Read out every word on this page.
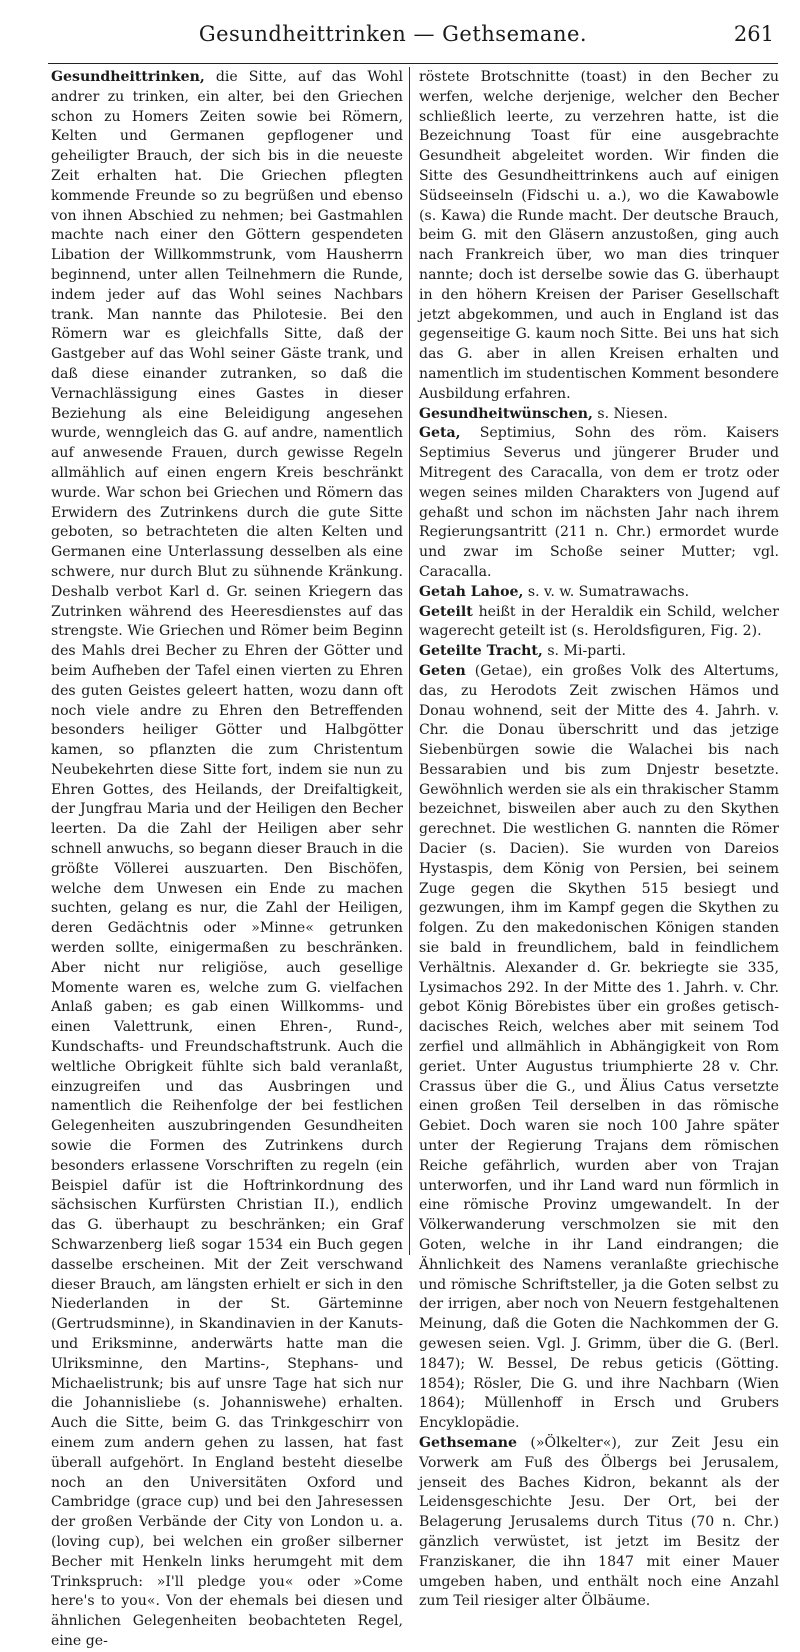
Gesundheittrinken — Gethsemane.	261

Gesundheittrinken, die Sitte, auf das Wohl andrer zu trinken, ein alter, bei den Griechen schon zu Homers Zeiten sowie bei Römern, Kelten und Germanen gepflogener und geheiligter Brauch, der sich bis in die neueste Zeit erhalten hat. Die Griechen pflegten kommende Freunde so zu begrüßen und ebenso von ihnen Abschied zu nehmen; bei Gastmahlen machte nach einer den Göttern gespendeten Libation der Willkommstrunk, vom Hausherrn beginnend, unter allen Teilnehmern die Runde, indem jeder auf das Wohl seines Nachbars trank. Man nannte das Philotesie. Bei den Römern war es gleichfalls Sitte, daß der Gastgeber auf das Wohl seiner Gäste trank, und daß diese einander zutranken, so daß die Vernachlässigung eines Gastes in dieser Beziehung als eine Beleidigung angesehen wurde, wenngleich das G. auf andre, namentlich auf anwesende Frauen, durch gewisse Regeln allmählich auf einen engern Kreis beschränkt wurde. War schon bei Griechen und Römern das Erwidern des Zutrinkens durch die gute Sitte geboten, so betrachteten die alten Kelten und Germanen eine Unterlassung desselben als eine schwere, nur durch Blut zu sühnende Kränkung. Deshalb verbot Karl d. Gr. seinen Kriegern das Zutrinken während des Heeresdienstes auf das strengste. Wie Griechen und Römer beim Beginn des Mahls drei Becher zu Ehren der Götter und beim Aufheben der Tafel einen vierten zu Ehren des guten Geistes geleert hatten, wozu dann oft noch viele andre zu Ehren den Betreffenden besonders heiliger Götter und Halbgötter kamen, so pflanzten die zum Christentum Neubekehrten diese Sitte fort, indem sie nun zu Ehren Gottes, des Heilands, der Dreifaltigkeit, der Jungfrau Maria und der Heiligen den Becher leerten. Da die Zahl der Heiligen aber sehr schnell anwuchs, so begann dieser Brauch in die größte Völlerei auszuarten. Den Bischöfen, welche dem Unwesen ein Ende zu machen suchten, gelang es nur, die Zahl der Heiligen, deren Gedächtnis oder »Minne« getrunken werden sollte, einigermaßen zu beschränken. Aber nicht nur religiöse, auch gesellige Momente waren es, welche zum G. vielfachen Anlaß gaben; es gab einen Willkomms- und einen Valettrunk, einen Ehren-, Rund-, Kundschafts- und Freundschaftstrunk. Auch die weltliche Obrigkeit fühlte sich bald veranlaßt, einzugreifen und das Ausbringen und namentlich die Reihenfolge der bei festlichen Gelegenheiten auszubringenden Gesundheiten sowie die Formen des Zutrinkens durch besonders erlassene Vorschriften zu regeln (ein Beispiel dafür ist die Hoftrinkordnung des sächsischen Kurfürsten Christian II.), endlich das G. überhaupt zu beschränken; ein Graf Schwarzenberg ließ sogar 1534 ein Buch gegen dasselbe erscheinen. Mit der Zeit verschwand dieser Brauch, am längsten erhielt er sich in den Niederlanden in der St. Gärteminne (Gertrudsminne), in Skandinavien in der Kanuts- und Eriksminne, anderwärts hatte man die Ulriksminne, den Martins-, Stephans- und Michaelistrunk; bis auf unsre Tage hat sich nur die Johannisliebe (s. Johanniswehe) erhalten. Auch die Sitte, beim G. das Trinkgeschirr von einem zum andern gehen zu lassen, hat fast überall aufgehört. In England besteht dieselbe noch an den Universitäten Oxford und Cambridge (grace cup) und bei den Jahresessen der großen Verbände der City von London u. a. (loving cup), bei welchen ein großer silberner Becher mit Henkeln links herumgeht mit dem Trinkspruch: »I'll pledge you« oder »Come here's to you«. Von der ehemals bei diesen und ähnlichen Gelegenheiten beobachteten Regel, eine ge-

röstete Brotschnitte (toast) in den Becher zu werfen, welche derjenige, welcher den Becher schließlich leerte, zu verzehren hatte, ist die Bezeichnung Toast für eine ausgebrachte Gesundheit abgeleitet worden. Wir finden die Sitte des Gesundheittrinkens auch auf einigen Südseeinseln (Fidschi u. a.), wo die Kawabowle (s. Kawa) die Runde macht. Der deutsche Brauch, beim G. mit den Gläsern anzustoßen, ging auch nach Frankreich über, wo man dies trinquer nannte; doch ist derselbe sowie das G. überhaupt in den höhern Kreisen der Pariser Gesellschaft jetzt abgekommen, und auch in England ist das gegenseitige G. kaum noch Sitte. Bei uns hat sich das G. aber in allen Kreisen erhalten und namentlich im studentischen Komment besondere Ausbildung erfahren.

Gesundheitwünschen, s. Niesen.

Geta, Septimius, Sohn des röm. Kaisers Septimius Severus und jüngerer Bruder und Mitregent des Caracalla, von dem er trotz oder wegen seines milden Charakters von Jugend auf gehaßt und schon im nächsten Jahr nach ihrem Regierungsantritt (211 n. Chr.) ermordet wurde und zwar im Schoße seiner Mutter; vgl. Caracalla.

Getah Lahoe, s. v. w. Sumatrawachs.

Geteilt heißt in der Heraldik ein Schild, welcher wagerecht geteilt ist (s. Heroldsfiguren, Fig. 2).

Geteilte Tracht, s. Mi-parti.

Geten (Getae), ein großes Volk des Altertums, das, zu Herodots Zeit zwischen Hämos und Donau wohnend, seit der Mitte des 4. Jahrh. v. Chr. die Donau überschritt und das jetzige Siebenbürgen sowie die Walachei bis nach Bessarabien und bis zum Dnjestr besetzte. Gewöhnlich werden sie als ein thrakischer Stamm bezeichnet, bisweilen aber auch zu den Skythen gerechnet. Die westlichen G. nannten die Römer Dacier (s. Dacien). Sie wurden von Dareios Hystaspis, dem König von Persien, bei seinem Zuge gegen die Skythen 515 besiegt und gezwungen, ihm im Kampf gegen die Skythen zu folgen. Zu den makedonischen Königen standen sie bald in freundlichem, bald in feindlichem Verhältnis. Alexander d. Gr. bekriegte sie 335, Lysimachos 292. In der Mitte des 1. Jahrh. v. Chr. gebot König Börebistes über ein großes getisch-dacisches Reich, welches aber mit seinem Tod zerfiel und allmählich in Abhängigkeit von Rom geriet. Unter Augustus triumphierte 28 v. Chr. Crassus über die G., und Älius Catus versetzte einen großen Teil derselben in das römische Gebiet. Doch waren sie noch 100 Jahre später unter der Regierung Trajans dem römischen Reiche gefährlich, wurden aber von Trajan unterworfen, und ihr Land ward nun förmlich in eine römische Provinz umgewandelt. In der Völkerwanderung verschmolzen sie mit den Goten, welche in ihr Land eindrangen; die Ähnlichkeit des Namens veranlaßte griechische und römische Schriftsteller, ja die Goten selbst zu der irrigen, aber noch von Neuern festgehaltenen Meinung, daß die Goten die Nachkommen der G. gewesen seien. Vgl. J. Grimm, über die G. (Berl. 1847); W. Bessel, De rebus geticis (Götting. 1854); Rösler, Die G. und ihre Nachbarn (Wien 1864); Müllenhoff in Ersch und Grubers Encyklopädie.

Gethsemane (»Ölkelter«), zur Zeit Jesu ein Vorwerk am Fuß des Ölbergs bei Jerusalem, jenseit des Baches Kidron, bekannt als der Leidensgeschichte Jesu. Der Ort, bei der Belagerung Jerusalems durch Titus (70 n. Chr.) gänzlich verwüstet, ist jetzt im Besitz der Franziskaner, die ihn 1847 mit einer Mauer umgeben haben, und enthält noch eine Anzahl zum Teil riesiger alter Ölbäume.
